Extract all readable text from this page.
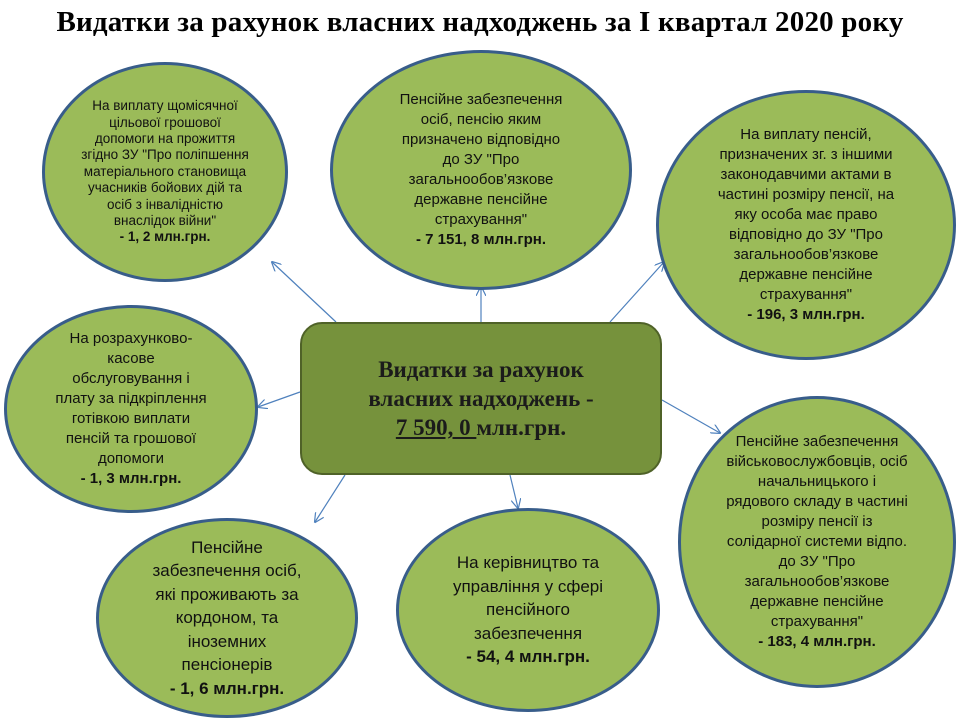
Видатки за рахунок власних надходжень за І квартал 2020 року
На виплату щомісячної
цільової грошової
допомоги на прожиття
згідно ЗУ "Про поліпшення
матеріального становища
учасників бойових дій та
осіб з інвалідністю
внаслідок війни"
- 1, 2 млн.грн.
Пенсійне забезпечення
осіб, пенсію яким
призначено відповідно
до ЗУ "Про
загальнообов’язкове
державне пенсійне
страхування"
- 7 151, 8 млн.грн.
На виплату пенсій,
призначених зг. з іншими
законодавчими актами в
частині розміру пенсії, на
яку особа має право
відповідно до ЗУ "Про
загальнообов’язкове
державне пенсійне
страхування"
- 196, 3 млн.грн.
На розрахунково-
касове
обслуговування і
плату за підкріплення
готівкою виплати
пенсій та грошової
допомоги
- 1, 3 млн.грн.
Пенсійне забезпечення
військовослужбовців, осіб
начальницького і
рядового складу в частині
розміру пенсії із
солідарної системи відпо.
до ЗУ "Про
загальнообов’язкове
державне пенсійне
страхування"
- 183, 4 млн.грн.
Пенсійне
забезпечення осіб,
які проживають за
кордоном, та
іноземних
пенсіонерів
- 1, 6 млн.грн.
На керівництво та
управління у сфері
пенсійного
забезпечення
- 54, 4 млн.грн.
Видатки за рахунок
власних надходжень -
7 590, 0 млн.грн.
